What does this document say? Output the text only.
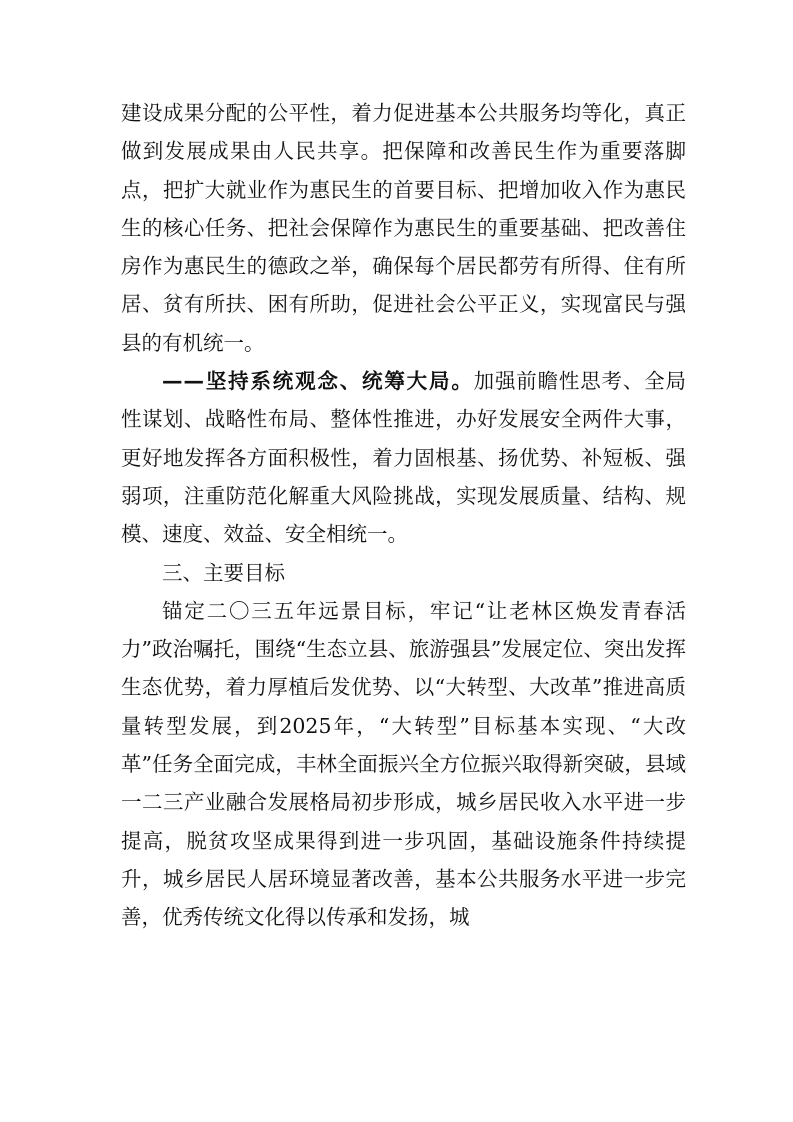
建设成果分配的公平性，着力促进基本公共服务均等化，真正做到发展成果由人民共享。把保障和改善民生作为重要落脚点，把扩大就业作为惠民生的首要目标、把增加收入作为惠民生的核心任务、把社会保障作为惠民生的重要基础、把改善住房作为惠民生的德政之举，确保每个居民都劳有所得、住有所居、贫有所扶、困有所助，促进社会公平正义，实现富民与强县的有机统一。

——坚持系统观念、统筹大局。加强前瞻性思考、全局性谋划、战略性布局、整体性推进，办好发展安全两件大事，更好地发挥各方面积极性，着力固根基、扬优势、补短板、强弱项，注重防范化解重大风险挑战，实现发展质量、结构、规模、速度、效益、安全相统一。

三、主要目标

锚定二〇三五年远景目标，牢记“让老林区焕发青春活力”政治嘱托，围绕“生态立县、旅游强县”发展定位、突出发挥生态优势，着力厚植后发优势、以“大转型、大改革”推进高质量转型发展，到2025年，“大转型”目标基本实现、“大改革”任务全面完成，丰林全面振兴全方位振兴取得新突破，县域一二三产业融合发展格局初步形成，城乡居民收入水平进一步提高，脱贫攻坚成果得到进一步巩固，基础设施条件持续提升，城乡居民人居环境显著改善，基本公共服务水平进一步完善，优秀传统文化得以传承和发扬，城
